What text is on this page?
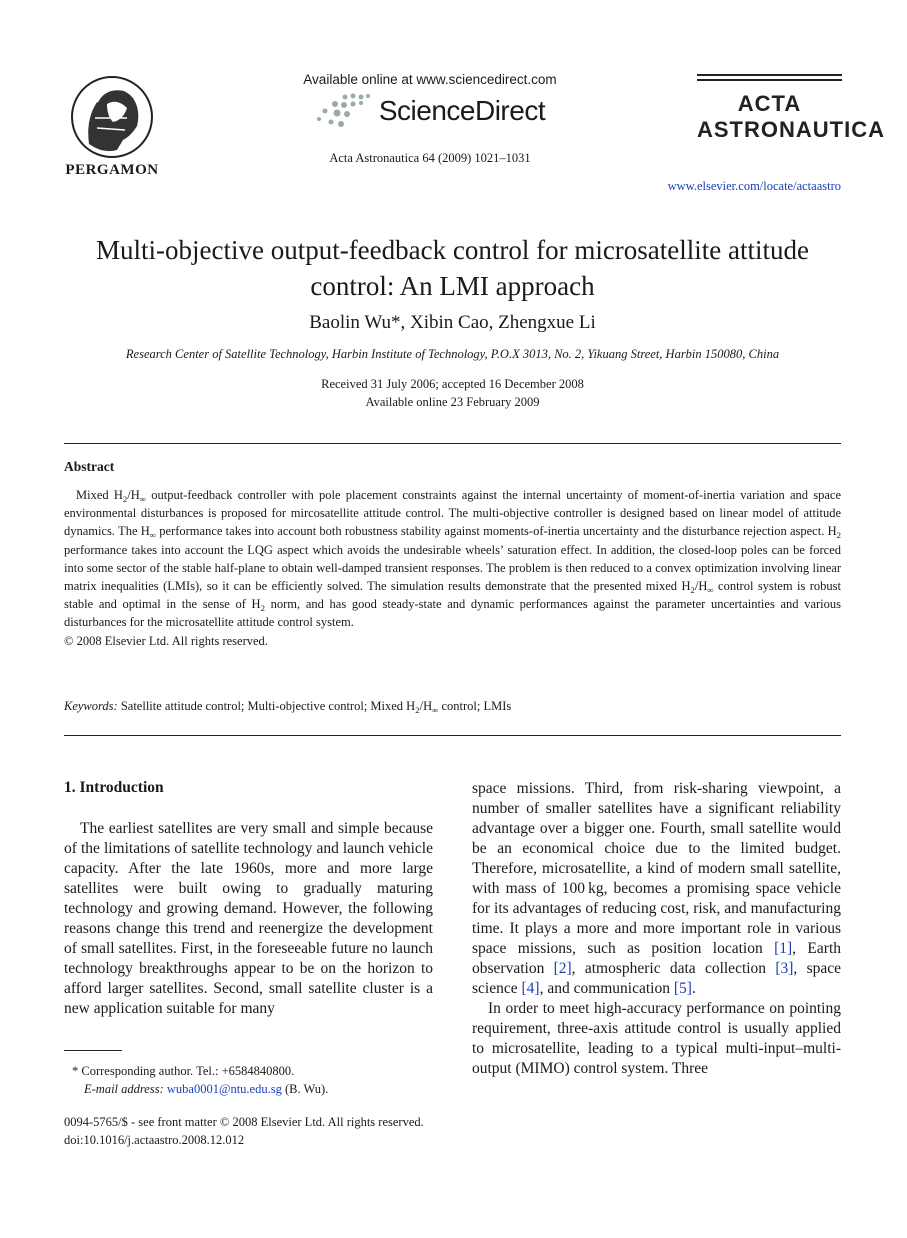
PERGAMON
Available online at www.sciencedirect.com
ScienceDirect
Acta Astronautica 64 (2009) 1021–1031
ACTA
ASTRONAUTICA
www.elsevier.com/locate/actaastro
Multi-objective output-feedback control for microsatellite attitude
control: An LMI approach
Baolin Wu*, Xibin Cao, Zhengxue Li
Research Center of Satellite Technology, Harbin Institute of Technology, P.O.X 3013, No. 2, Yikuang Street, Harbin 150080, China
Received 31 July 2006; accepted 16 December 2008
Available online 23 February 2009
Abstract

Mixed $H_2/H_\infty$ output-feedback controller with pole placement constraints against the internal uncertainty of moment-of-inertia variation and space environmental disturbances is proposed for mircosatellite attitude control. The multi-objective controller is designed based on linear model of attitude dynamics. The $H_\infty$ performance takes into account both robustness stability against moments-of-inertia uncertainty and the disturbance rejection aspect. $H_2$ performance takes into account the LQG aspect which avoids the undesirable wheels’ saturation effect. In addition, the closed-loop poles can be forced into some sector of the stable half-plane to obtain well-damped transient responses. The problem is then reduced to a convex optimization involving linear matrix inequalities (LMIs), so it can be efficiently solved. The simulation results demonstrate that the presented mixed $H_2/H_\infty$ control system is robust stable and optimal in the sense of $H_2$ norm, and has good steady-state and dynamic performances against the parameter uncertainties and various disturbances for the microsatellite attitude control system.

© 2008 Elsevier Ltd. All rights reserved.

Keywords: Satellite attitude control; Multi-objective control; Mixed $H_2/H_\infty$ control; LMIs
1. Introduction

The earliest satellites are very small and simple because of the limitations of satellite technology and launch vehicle capacity. After the late 1960s, more and more large satellites were built owing to gradually maturing technology and growing demand. However, the following reasons change this trend and reenergize the development of small satellites. First, in the foreseeable future no launch technology breakthroughs appear to be on the horizon to afford larger satellites. Second, small satellite cluster is a new application suitable for many

space missions. Third, from risk-sharing viewpoint, a number of smaller satellites have a significant reliability advantage over a bigger one. Fourth, small satellite would be an economical choice due to the limited budget. Therefore, microsatellite, a kind of modern small satellite, with mass of 100 kg, becomes a promising space vehicle for its advantages of reducing cost, risk, and manufacturing time. It plays a more and more important role in various space missions, such as position location [1], Earth observation [2], atmospheric data collection [3], space science [4], and communication [5].

In order to meet high-accuracy performance on pointing requirement, three-axis attitude control is usually applied to microsatellite, leading to a typical multi-input–multi-output (MIMO) control system. Three

* Corresponding author. Tel.: +6584840800.
E-mail address: wuba0001@ntu.edu.sg (B. Wu).
0094-5765/$ - see front matter © 2008 Elsevier Ltd. All rights reserved.
doi:10.1016/j.actaastro.2008.12.012
